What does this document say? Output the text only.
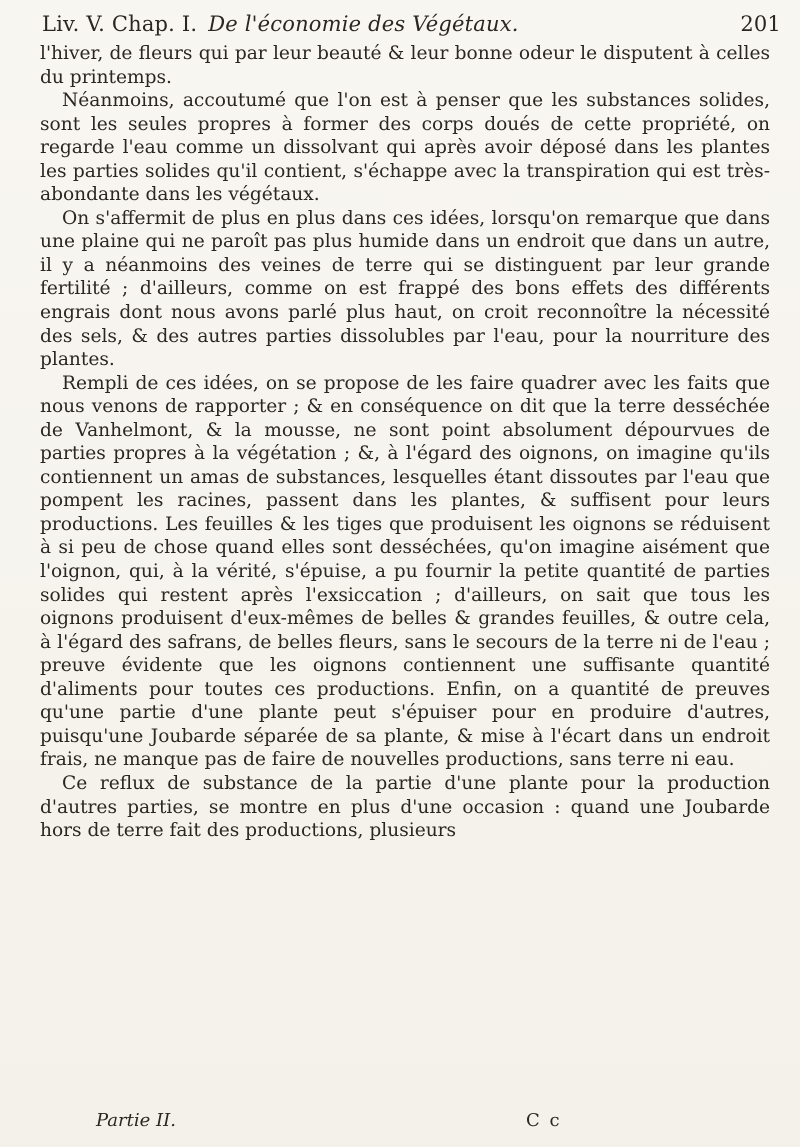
Liv. V. Chap. I. De l'économie des Végétaux.	201

l'hiver, de fleurs qui par leur beauté & leur bonne odeur le disputent à celles du printemps.

Néanmoins, accoutumé que l'on est à penser que les substances solides, sont les seules propres à former des corps doués de cette propriété, on regarde l'eau comme un dissolvant qui après avoir déposé dans les plantes les parties solides qu'il contient, s'échappe avec la transpiration qui est très-abondante dans les végétaux.

On s'affermit de plus en plus dans ces idées, lorsqu'on remarque que dans une plaine qui ne paroît pas plus humide dans un endroit que dans un autre, il y a néanmoins des veines de terre qui se distinguent par leur grande fertilité ; d'ailleurs, comme on est frappé des bons effets des différents engrais dont nous avons parlé plus haut, on croit reconnoître la nécessité des sels, & des autres parties dissolubles par l'eau, pour la nourriture des plantes.

Rempli de ces idées, on se propose de les faire quadrer avec les faits que nous venons de rapporter ; & en conséquence on dit que la terre desséchée de Vanhelmont, & la mousse, ne sont point absolument dépourvues de parties propres à la végétation ; &, à l'égard des oignons, on imagine qu'ils contiennent un amas de substances, lesquelles étant dissoutes par l'eau que pompent les racines, passent dans les plantes, & suffisent pour leurs productions. Les feuilles & les tiges que produisent les oignons se réduisent à si peu de chose quand elles sont desséchées, qu'on imagine aisément que l'oignon, qui, à la vérité, s'épuise, a pu fournir la petite quantité de parties solides qui restent après l'exsiccation ; d'ailleurs, on sait que tous les oignons produisent d'eux-mêmes de belles & grandes feuilles, & outre cela, à l'égard des safrans, de belles fleurs, sans le secours de la terre ni de l'eau ; preuve évidente que les oignons contiennent une suffisante quantité d'aliments pour toutes ces productions. Enfin, on a quantité de preuves qu'une partie d'une plante peut s'épuiser pour en produire d'autres, puisqu'une Joubarde séparée de sa plante, & mise à l'écart dans un endroit frais, ne manque pas de faire de nouvelles productions, sans terre ni eau.

Ce reflux de substance de la partie d'une plante pour la production d'autres parties, se montre en plus d'une occasion : quand une Joubarde hors de terre fait des productions, plusieurs

Partie II.	C c
